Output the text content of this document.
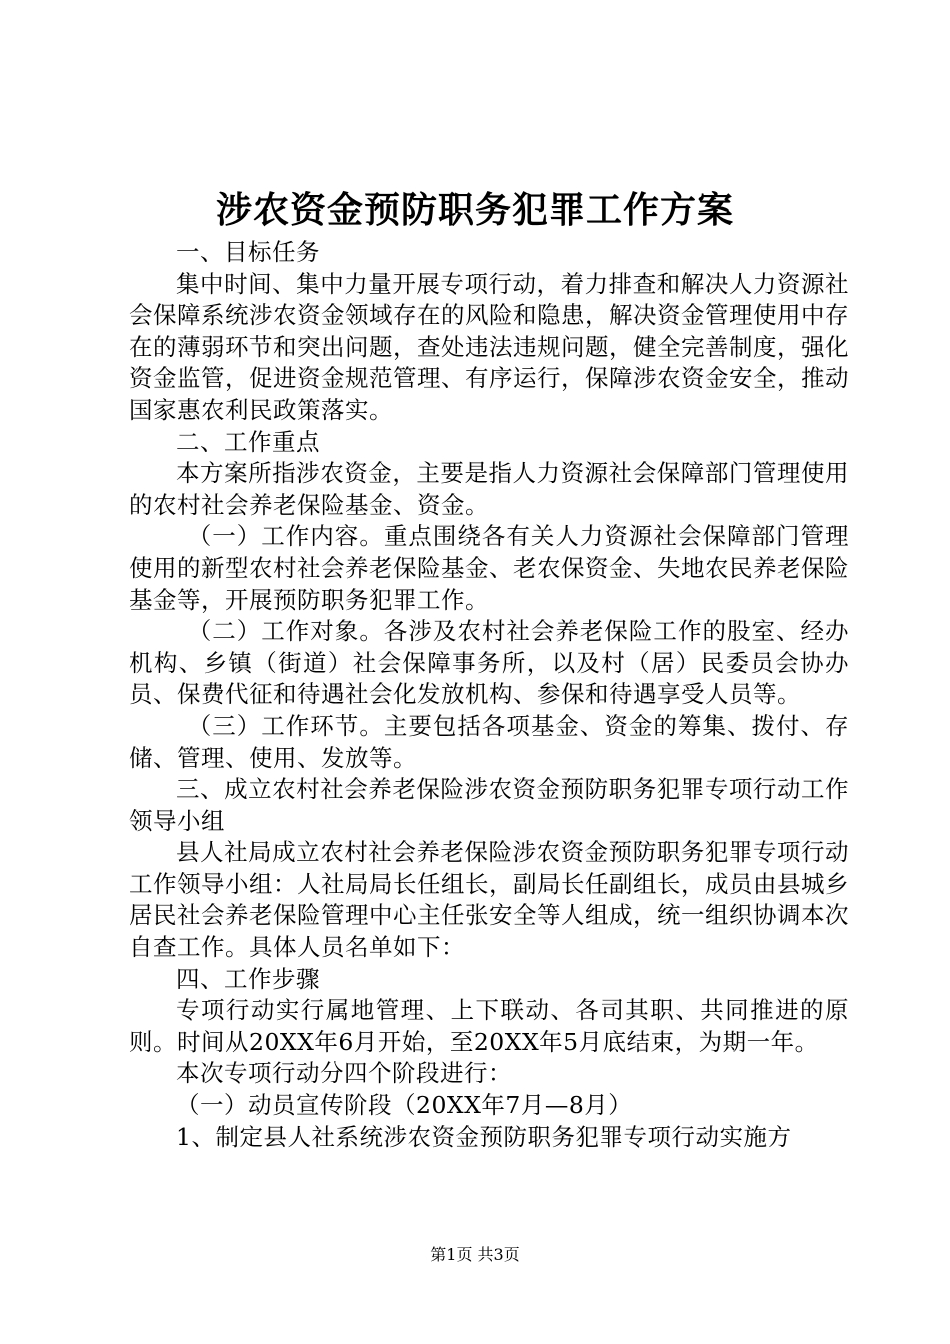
涉农资金预防职务犯罪工作方案

一、目标任务

集中时间、集中力量开展专项行动，着力排查和解决人力资源社会保障系统涉农资金领域存在的风险和隐患，解决资金管理使用中存在的薄弱环节和突出问题，查处违法违规问题，健全完善制度，强化资金监管，促进资金规范管理、有序运行，保障涉农资金安全，推动国家惠农利民政策落实。

二、工作重点

本方案所指涉农资金，主要是指人力资源社会保障部门管理使用的农村社会养老保险基金、资金。

（一）工作内容。重点围绕各有关人力资源社会保障部门管理使用的新型农村社会养老保险基金、老农保资金、失地农民养老保险基金等，开展预防职务犯罪工作。

（二）工作对象。各涉及农村社会养老保险工作的股室、经办机构、乡镇（街道）社会保障事务所，以及村（居）民委员会协办员、保费代征和待遇社会化发放机构、参保和待遇享受人员等。

（三）工作环节。主要包括各项基金、资金的筹集、拨付、存储、管理、使用、发放等。

三、成立农村社会养老保险涉农资金预防职务犯罪专项行动工作领导小组

县人社局成立农村社会养老保险涉农资金预防职务犯罪专项行动工作领导小组：人社局局长任组长，副局长任副组长，成员由县城乡居民社会养老保险管理中心主任张安全等人组成，统一组织协调本次自查工作。具体人员名单如下：

四、工作步骤

专项行动实行属地管理、上下联动、各司其职、共同推进的原则。时间从20XX年6月开始，至20XX年5月底结束，为期一年。

本次专项行动分四个阶段进行：

（一）动员宣传阶段（20XX年7月—8月）

1、制定县人社系统涉农资金预防职务犯罪专项行动实施方

第1页 共3页
